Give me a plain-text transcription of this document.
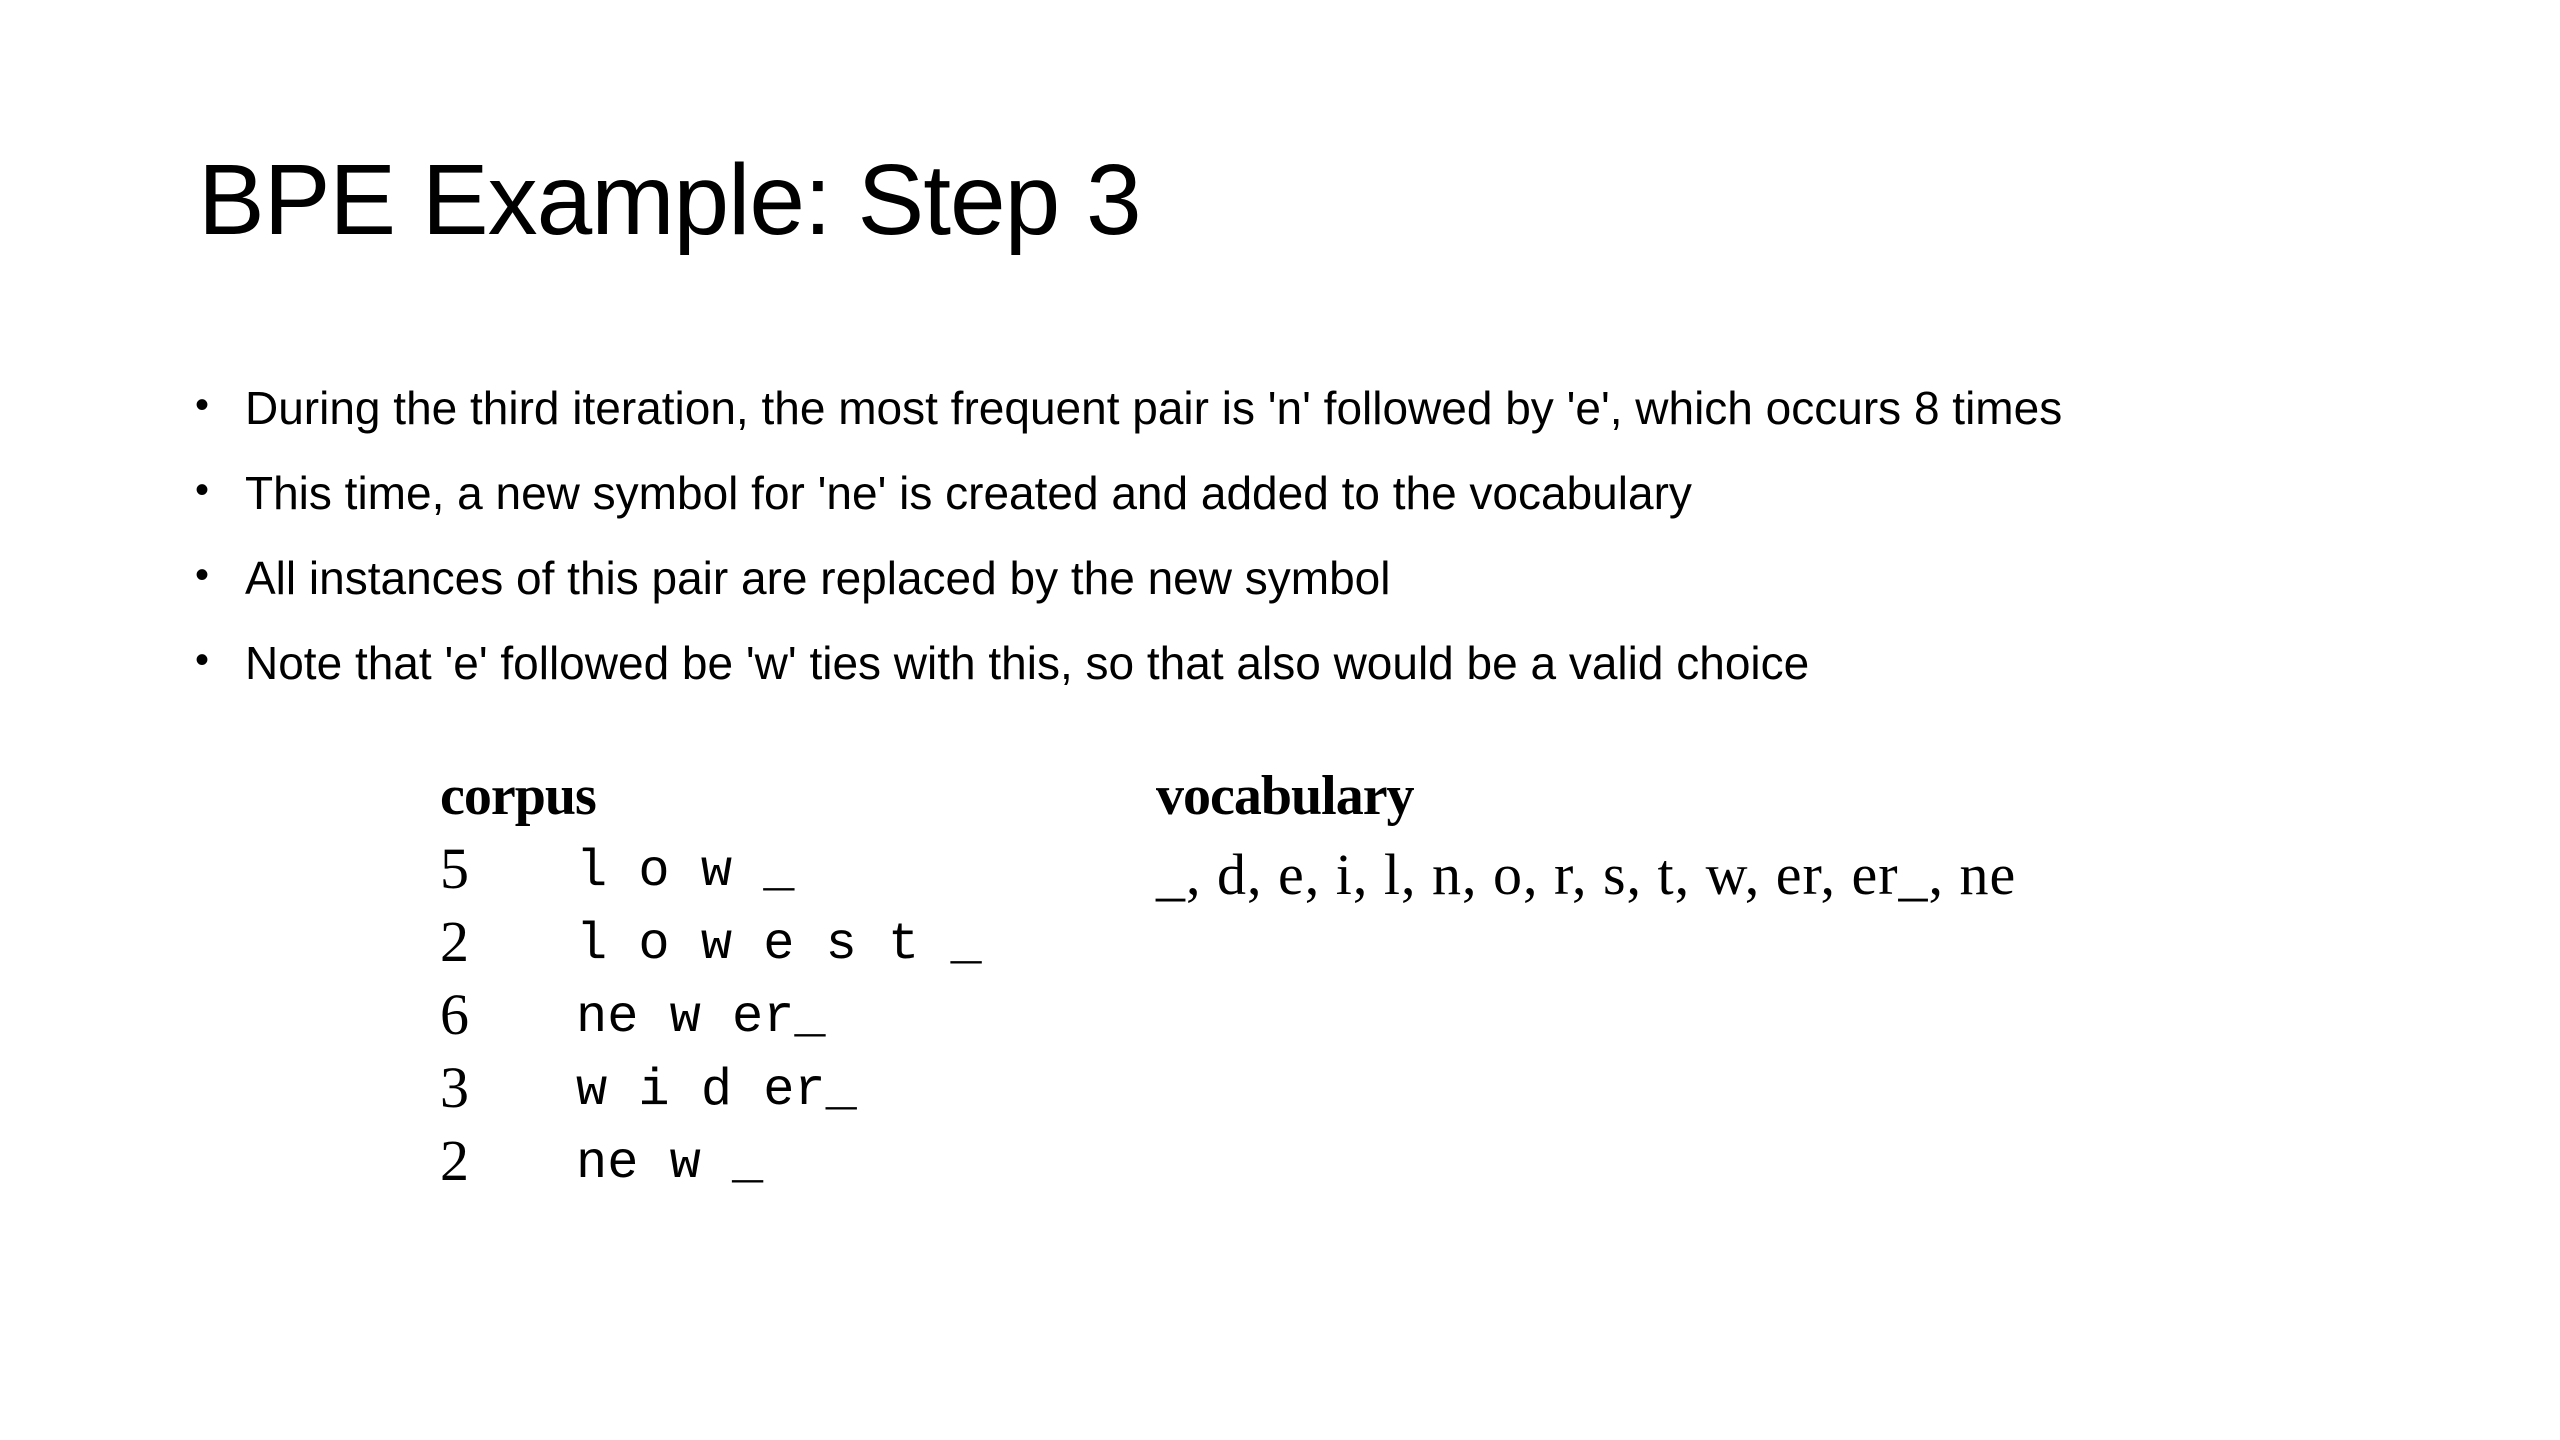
BPE Example: Step 3
• During the third iteration, the most frequent pair is 'n' followed by 'e', which occurs 8 times
• This time, a new symbol for 'ne' is created and added to the vocabulary
• All instances of this pair are replaced by the new symbol
• Note that 'e' followed be 'w' ties with this, so that also would be a valid choice
corpus	vocabulary
5 l o w _
2 l o w e s t _
6 ne w er_
3 w i d er_
2 ne w _
_, d, e, i, l, n, o, r, s, t, w, er, er_, ne
